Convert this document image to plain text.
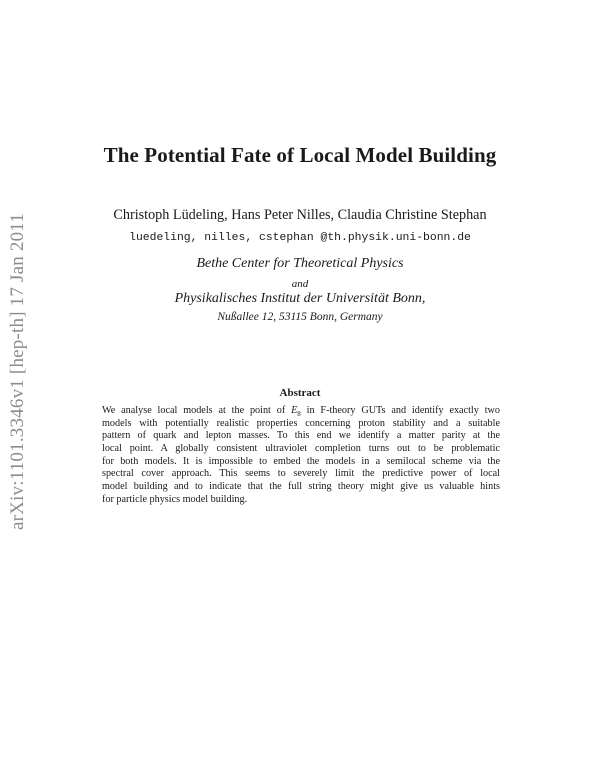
arXiv:1101.3346v1 [hep-th] 17 Jan 2011
The Potential Fate of Local Model Building
Christoph Lüdeling, Hans Peter Nilles, Claudia Christine Stephan
luedeling, nilles, cstephan @th.physik.uni-bonn.de
Bethe Center for Theoretical Physics
and
Physikalisches Institut der Universität Bonn,
Nußallee 12, 53115 Bonn, Germany
Abstract
We analyse local models at the point of $E_8$ in F-theory GUTs and identify exactly two
models with potentially realistic properties concerning proton stability and a suitable
pattern of quark and lepton masses. To this end we identify a matter parity at the
local point. A globally consistent ultraviolet completion turns out to be problematic
for both models. It is impossible to embed the models in a semilocal scheme via the
spectral cover approach. This seems to severely limit the predictive power of local
model building and to indicate that the full string theory might give us valuable hints
for particle physics model building.
